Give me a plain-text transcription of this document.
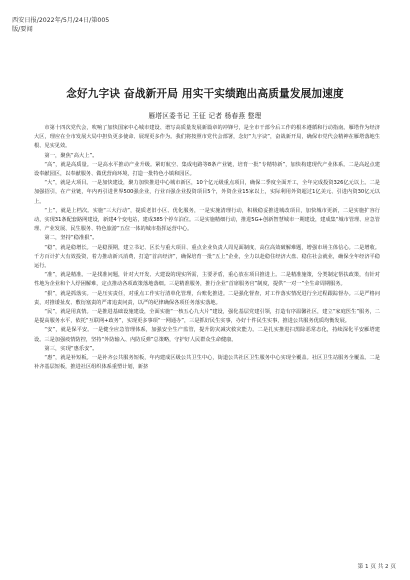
西安日报/2022年/5月/24日/第005
版/要闻
念好九字诀 奋战新开局 用实干实绩跑出高质量发展加速度
雁塔区委书记 王征 记者 杨春燕 整理

市第十四次党代会，吹响了加快国家中心城市建设、谱写高质量发展新篇章的冲锋号，是全市干部今后工作的根本遵循和行动指南。雁塔作为经济大区，理应在全市发展大局中担负更多使命、展现更多作为。我们将按照市党代会部署，念好“九字诀”，奋战新开局，确保市党代会精神在雁塔落地生根、见实见效。

第一，聚焦“高大上”。

“高”，就是高质量。一是高水平推动产业升级。紧盯航空、集成电路等8条产业链，培育一批“专精特新”，加快构建现代产业体系。二是高起点建设奉献园区，以奉献服务、做优营商环境，打造一批特色小镇和园区。

“大”，就是大项目。一是加快建设，聚力加快推进中心城市新区，10个亿元级重点项目，确保二季度全面开工，全年完成投资326亿元以上。二是加强招引，在产业链，年内再引进世界500强企业，行业百强企业投资项目5个，外资企业15家以上，实际利用外资超过1亿美元、引进内资30亿元以上。

“上”，就是上档次。实施“三大行动”，提质老旧小区、优化服务，一是实施清理行动，积极稳妥推进城改项目，加快城市更新，二是实施扩容行动，实现31条配套路网建设，新建4个变电站，建成385个停车泊位。三是实施精细行动，推进5G+创新智慧城市一期建设，建成集“城市管理、应急管理、产业发展、民生服务、特色旅游”五位一体的城市指挥运营中心。

第二，坚持“稳准狠”。

“稳”，就是稳增长。一是稳预期，建立书记、区长与重大项目、重点企业负责人周见面制度，高位高效破解难题，增强市场主体信心。二是增收。千方百计扩大有效投资，着力推动新兴消费，打造“首店经济”，确保培育一批“五上”企业，全力以赴稳住经济大盘、稳住社会就业，确保全年经济平稳运行。

“准”，就是精准。一是找准问题，针对大开发、大建设的现实所需，主要矛盾，重心放在项目推进上。二是精准施策，分类制定帮扶政策，有针对性地为企业和个人纾困解难，定点推动各项政策落地落细。三是精准服务，推行企业“首席服务官”制度，提供“一对一”全生命周期服务。

“狠”，就是抓落实。一是压实责任，对重点工作实行清单化管理，台账化推进。二是强化督查，对工作落实情况进行全过程跟踪督办。三是严格问责，对推诿扯皮、敷衍塞责的严肃追责问责，以严的纪律确保各项任务落实落地。

“民”，就是用真情。一是推进基础设施建设，全面实施“一核五心九大片”建设，强化基层党建引领，打造有序温馨社区，建立“家庭医生”服务，二是提高服务水平，依托“互联网+政务”，实现更多事项“一网通办”，三是抓好民生实事，办好十件民生实事，推进公共服务优质均衡发展。

“安”，就是保平安。一是健全应急管理体系，加强安全生产监管，提升防灾减灾救灾能力。二是扎实推进扫黑除恶常态化，持续深化平安雁塔建设。三是加强疫情防控，坚持“外防输入、内防反弹”总策略，守护好人民群众生命健康。

第三，实现“惠乐安”。

“惠”，就是补短板。一是补齐公共服务短板，年内建成区级公共卫生中心，街道公共社区卫生服务中心实现全覆盖。社区卫生站服务全覆盖。二是补齐基层短板，推进社区组织体系重塑计划，新挤

第 1 页 共 2 页
